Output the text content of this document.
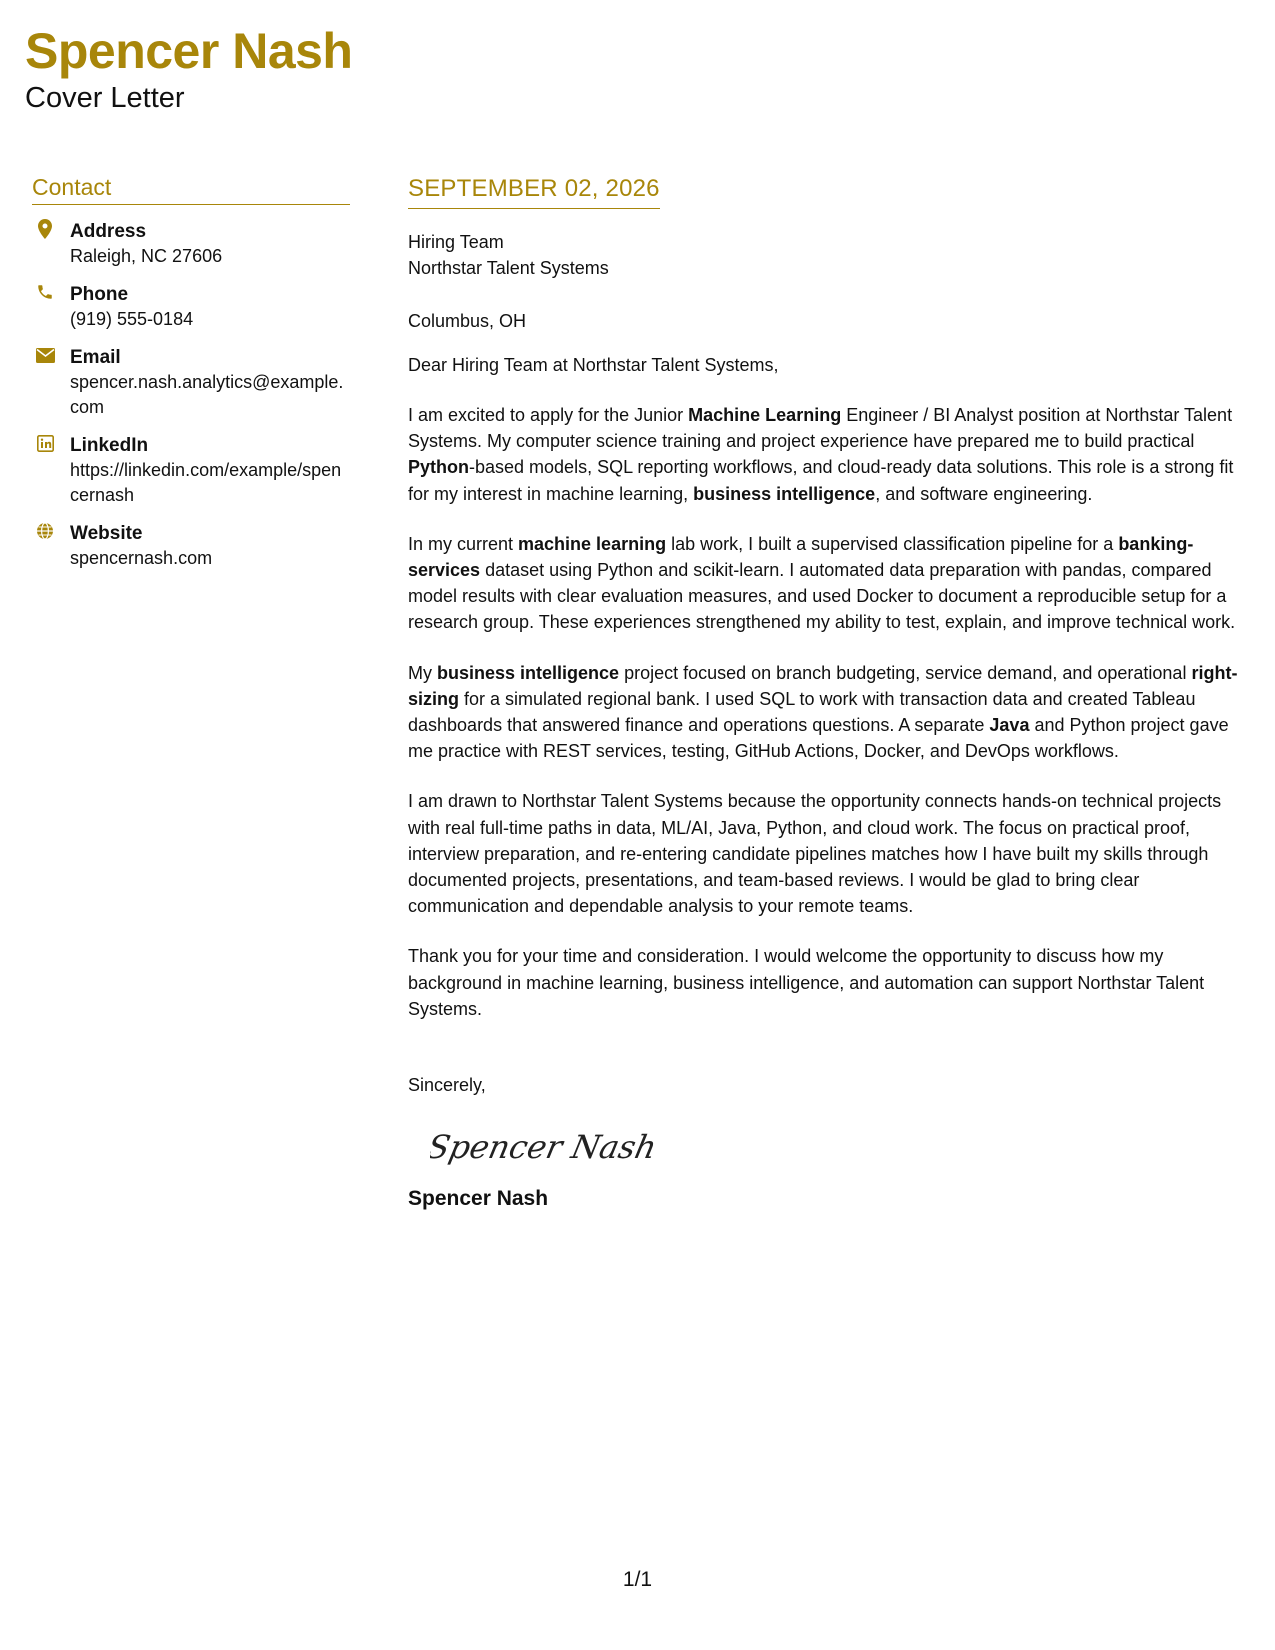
Spencer Nash
Cover Letter
Contact
Address
Raleigh, NC 27606
Phone
(919) 555-0184
Email
spencer.nash.analytics@example.com
LinkedIn
https://linkedin.com/example/spencernash
Website
spencernash.com
SEPTEMBER 02, 2026

Hiring Team

Northstar Talent Systems

Columbus, OH

Dear Hiring Team at Northstar Talent Systems,

I am excited to apply for the Junior Machine Learning Engineer / BI Analyst position at Northstar Talent Systems. My computer science training and project experience have prepared me to build practical Python-based models, SQL reporting workflows, and cloud-ready data solutions. This role is a strong fit for my interest in machine learning, business intelligence, and software engineering.

In my current machine learning lab work, I built a supervised classification pipeline for a banking-services dataset using Python and scikit-learn. I automated data preparation with pandas, compared model results with clear evaluation measures, and used Docker to document a reproducible setup for a research group. These experiences strengthened my ability to test, explain, and improve technical work.

My business intelligence project focused on branch budgeting, service demand, and operational right-sizing for a simulated regional bank. I used SQL to work with transaction data and created Tableau dashboards that answered finance and operations questions. A separate Java and Python project gave me practice with REST services, testing, GitHub Actions, Docker, and DevOps workflows.

I am drawn to Northstar Talent Systems because the opportunity connects hands-on technical projects with real full-time paths in data, ML/AI, Java, Python, and cloud work. The focus on practical proof, interview preparation, and re-entering candidate pipelines matches how I have built my skills through documented projects, presentations, and team-based reviews. I would be glad to bring clear communication and dependable analysis to your remote teams.

Thank you for your time and consideration. I would welcome the opportunity to discuss how my background in machine learning, business intelligence, and automation can support Northstar Talent Systems.

Sincerely,

Spencer Nash
Spencer Nash
1/1
